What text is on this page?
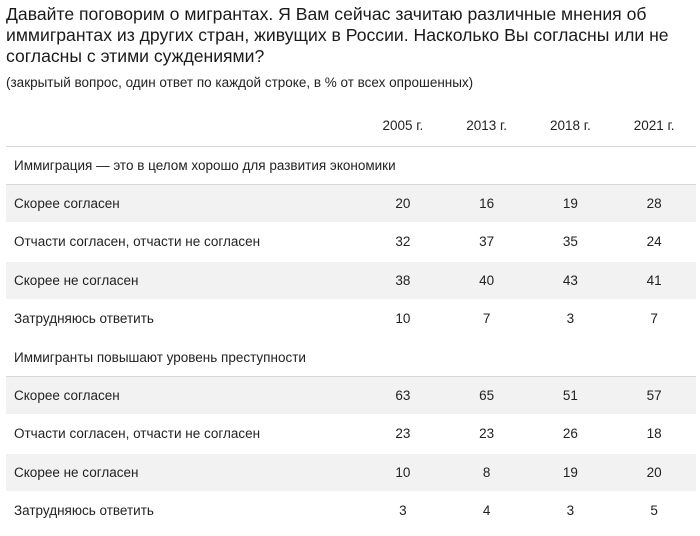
Давайте поговорим о мигрантах. Я Вам сейчас зачитаю различные мнения об иммигрантах из других стран, живущих в России. Насколько Вы согласны или не согласны с этими суждениями?
(закрытый вопрос, один ответ по каждой строке, в % от всех опрошенных)
	2005 г.	2013 г.	2018 г.	2021 г.
Иммиграция — это в целом хорошо для развития экономики				
Скорее согласен	20	16	19	28
Отчасти согласен, отчасти не согласен	32	37	35	24
Скорее не согласен	38	40	43	41
Затрудняюсь ответить	10	7	3	7
Иммигранты повышают уровень преступности				
Скорее согласен	63	65	51	57
Отчасти согласен, отчасти не согласен	23	23	26	18
Скорее не согласен	10	8	19	20
Затрудняюсь ответить	3	4	3	5
